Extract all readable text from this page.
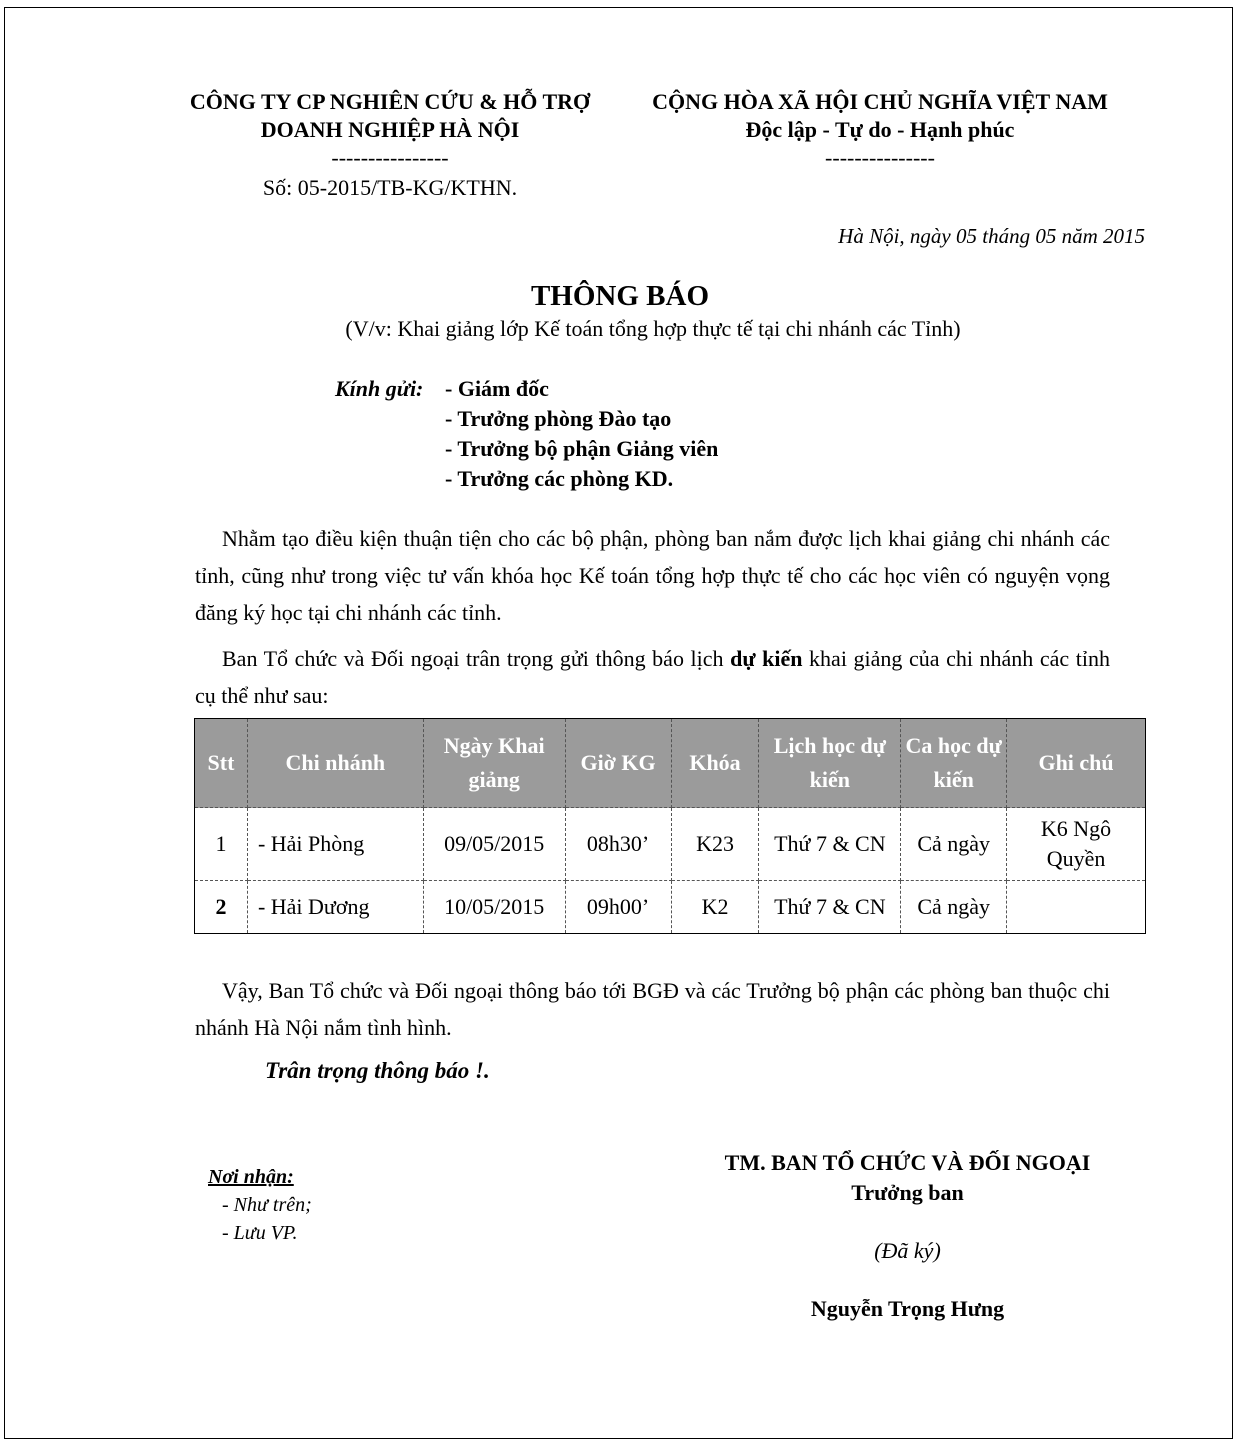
CÔNG TY CP NGHIÊN CỨU & HỖ TRỢ
DOANH NGHIỆP HÀ NỘI
----------------
Số: 05-2015/TB-KG/KTHN.
CỘNG HÒA XÃ HỘI CHỦ NGHĨA VIỆT NAM
Độc lập - Tự do - Hạnh phúc
---------------
Hà Nội, ngày 05 tháng 05 năm 2015
THÔNG BÁO
(V/v: Khai giảng lớp Kế toán tổng hợp thực tế tại chi nhánh các Tỉnh)
Kính gửi: - Giám đốc
- Trưởng phòng Đào tạo
- Trưởng bộ phận Giảng viên
- Trưởng các phòng KD.
Nhằm tạo điều kiện thuận tiện cho các bộ phận, phòng ban nắm được lịch khai giảng chi nhánh các tỉnh, cũng như trong việc tư vấn khóa học Kế toán tổng hợp thực tế cho các học viên có nguyện vọng đăng ký học tại chi nhánh các tỉnh.
Ban Tổ chức và Đối ngoại trân trọng gửi thông báo lịch dự kiến khai giảng của chi nhánh các tỉnh cụ thể như sau:
Stt	Chi nhánh	Ngày Khai giảng	Giờ KG	Khóa	Lịch học dự kiến	Ca học dự kiến	Ghi chú
1	- Hải Phòng	09/05/2015	08h30’	K23	Thứ 7 & CN	Cả ngày	K6 Ngô Quyền
2	- Hải Dương	10/05/2015	09h00’	K2	Thứ 7 & CN	Cả ngày	
Vậy, Ban Tổ chức và Đối ngoại thông báo tới BGĐ và các Trưởng bộ phận các phòng ban thuộc chi nhánh Hà Nội nắm tình hình.
Trân trọng thông báo !.
Nơi nhận:
- Như trên;
- Lưu VP.
TM. BAN TỔ CHỨC VÀ ĐỐI NGOẠI
Trưởng ban
(Đã ký)
Nguyễn Trọng Hưng
